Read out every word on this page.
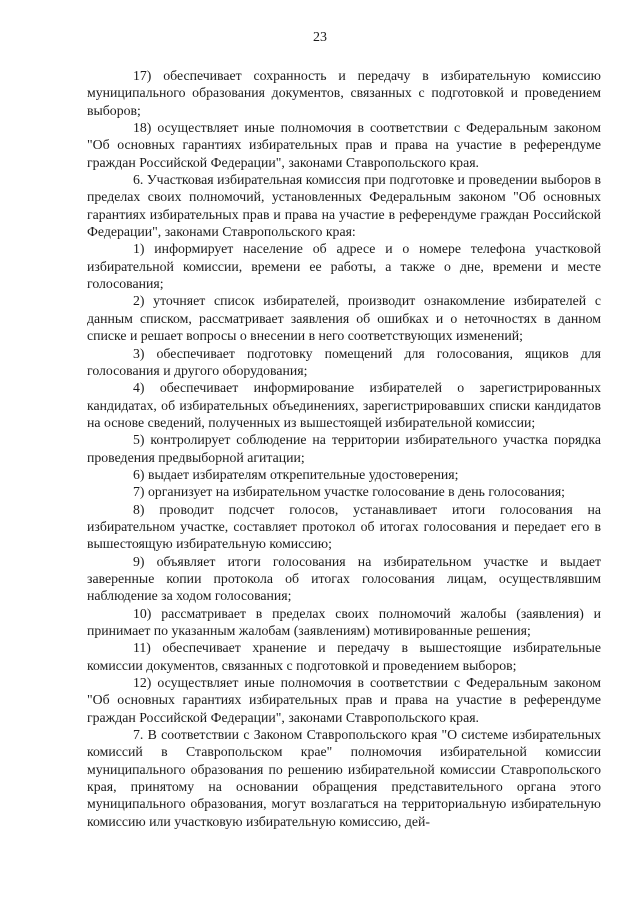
23

17) обеспечивает сохранность и передачу в избирательную комиссию муниципального образования документов, связанных с подготовкой и проведением выборов;

18) осуществляет иные полномочия в соответствии с Федеральным законом "Об основных гарантиях избирательных прав и права на участие в референдуме граждан Российской Федерации", законами Ставропольского края.

6. Участковая избирательная комиссия при подготовке и проведении выборов в пределах своих полномочий, установленных Федеральным законом "Об основных гарантиях избирательных прав и права на участие в референдуме граждан Российской Федерации", законами Ставропольского края:

1) информирует население об адресе и о номере телефона участковой избирательной комиссии, времени ее работы, а также о дне, времени и месте голосования;

2) уточняет список избирателей, производит ознакомление избирателей с данным списком, рассматривает заявления об ошибках и о неточностях в данном списке и решает вопросы о внесении в него соответствующих изменений;

3) обеспечивает подготовку помещений для голосования, ящиков для голосования и другого оборудования;

4) обеспечивает информирование избирателей о зарегистрированных кандидатах, об избирательных объединениях, зарегистрировавших списки кандидатов на основе сведений, полученных из вышестоящей избирательной комиссии;

5) контролирует соблюдение на территории избирательного участка порядка проведения предвыборной агитации;

6) выдает избирателям открепительные удостоверения;

7) организует на избирательном участке голосование в день голосования;

8) проводит подсчет голосов, устанавливает итоги голосования на избирательном участке, составляет протокол об итогах голосования и передает его в вышестоящую избирательную комиссию;

9) объявляет итоги голосования на избирательном участке и выдает заверенные копии протокола об итогах голосования лицам, осуществлявшим наблюдение за ходом голосования;

10) рассматривает в пределах своих полномочий жалобы (заявления) и принимает по указанным жалобам (заявлениям) мотивированные решения;

11) обеспечивает хранение и передачу в вышестоящие избирательные комиссии документов, связанных с подготовкой и проведением выборов;

12) осуществляет иные полномочия в соответствии с Федеральным законом "Об основных гарантиях избирательных прав и права на участие в референдуме граждан Российской Федерации", законами Ставропольского края.

7. В соответствии с Законом Ставропольского края "О системе избирательных комиссий в Ставропольском крае" полномочия избирательной комиссии муниципального образования по решению избирательной комиссии Ставропольского края, принятому на основании обращения представительного органа этого муниципального образования, могут возлагаться на территориальную избирательную комиссию или участковую избирательную комиссию, дей-
